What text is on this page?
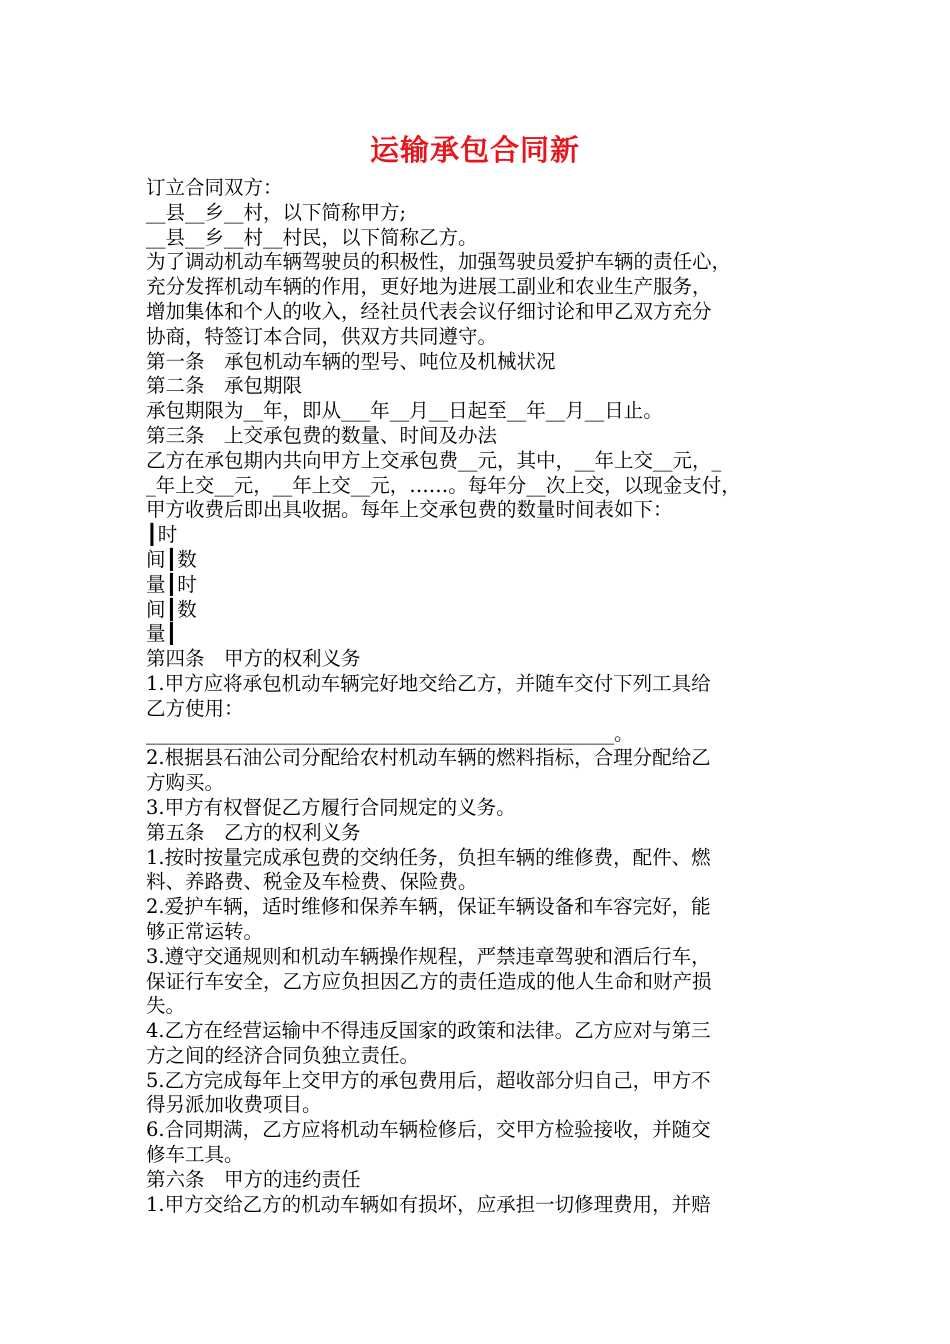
运输承包合同新
订立合同双方：
__县__乡__村，以下简称甲方;
__县__乡__村__村民，以下简称乙方。
为了调动机动车辆驾驶员的积极性，加强驾驶员爱护车辆的责任心，
充分发挥机动车辆的作用，更好地为进展工副业和农业生产服务，
增加集体和个人的收入，经社员代表会议仔细讨论和甲乙双方充分
协商，特签订本合同，供双方共同遵守。
第一条　承包机动车辆的型号、吨位及机械状况
第二条　承包期限
承包期限为__年，即从___年__月__日起至__年__月__日止。
第三条　上交承包费的数量、时间及办法
乙方在承包期内共向甲方上交承包费__元，其中，__年上交__元，_
_年上交__元，__年上交__元，……。每年分__次上交，以现金支付，
甲方收费后即出具收据。每年上交承包费的数量时间表如下：
┃时
间┃数
量┃时
间┃数
量┃
第四条　甲方的权利义务
1.甲方应将承包机动车辆完好地交给乙方，并随车交付下列工具给
乙方使用：
________________________________________________。
2.根据县石油公司分配给农村机动车辆的燃料指标，合理分配给乙
方购买。
3.甲方有权督促乙方履行合同规定的义务。
第五条　乙方的权利义务
1.按时按量完成承包费的交纳任务，负担车辆的维修费，配件、燃
料、养路费、税金及车检费、保险费。
2.爱护车辆，适时维修和保养车辆，保证车辆设备和车容完好，能
够正常运转。
3.遵守交通规则和机动车辆操作规程，严禁违章驾驶和酒后行车，
保证行车安全，乙方应负担因乙方的责任造成的他人生命和财产损
失。
4.乙方在经营运输中不得违反国家的政策和法律。乙方应对与第三
方之间的经济合同负独立责任。
5.乙方完成每年上交甲方的承包费用后，超收部分归自己，甲方不
得另派加收费项目。
6.合同期满，乙方应将机动车辆检修后，交甲方检验接收，并随交
修车工具。
第六条　甲方的违约责任
1.甲方交给乙方的机动车辆如有损坏，应承担一切修理费用，并赔
